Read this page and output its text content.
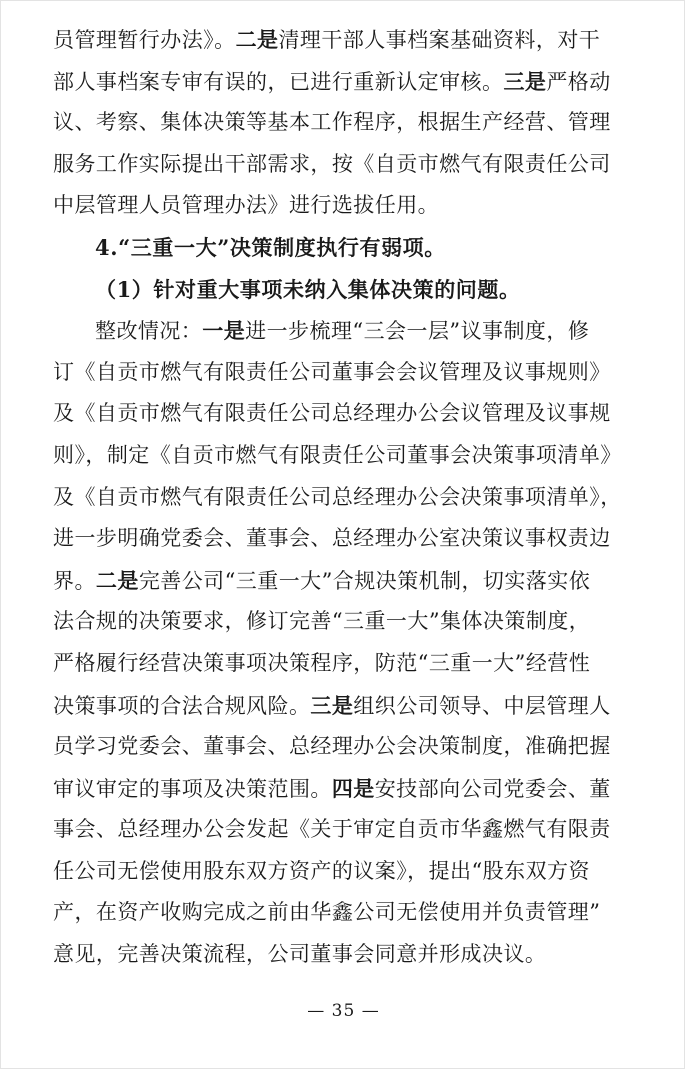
员管理暂行办法》。二是清理干部人事档案基础资料，对干
部人事档案专审有误的，已进行重新认定审核。三是严格动
议、考察、集体决策等基本工作程序，根据生产经营、管理
服务工作实际提出干部需求，按《自贡市燃气有限责任公司
中层管理人员管理办法》进行选拔任用。
4.“三重一大”决策制度执行有弱项。
（1）针对重大事项未纳入集体决策的问题。
整改情况：一是进一步梳理“三会一层”议事制度，修
订《自贡市燃气有限责任公司董事会会议管理及议事规则》
及《自贡市燃气有限责任公司总经理办公会议管理及议事规
则》，制定《自贡市燃气有限责任公司董事会决策事项清单》
及《自贡市燃气有限责任公司总经理办公会决策事项清单》，
进一步明确党委会、董事会、总经理办公室决策议事权责边
界。二是完善公司“三重一大”合规决策机制，切实落实依
法合规的决策要求，修订完善“三重一大”集体决策制度，
严格履行经营决策事项决策程序，防范“三重一大”经营性
决策事项的合法合规风险。三是组织公司领导、中层管理人
员学习党委会、董事会、总经理办公会决策制度，准确把握
审议审定的事项及决策范围。四是安技部向公司党委会、董
事会、总经理办公会发起《关于审定自贡市华鑫燃气有限责
任公司无偿使用股东双方资产的议案》，提出“股东双方资
产，在资产收购完成之前由华鑫公司无偿使用并负责管理”
意见，完善决策流程，公司董事会同意并形成决议。
— 35 —
